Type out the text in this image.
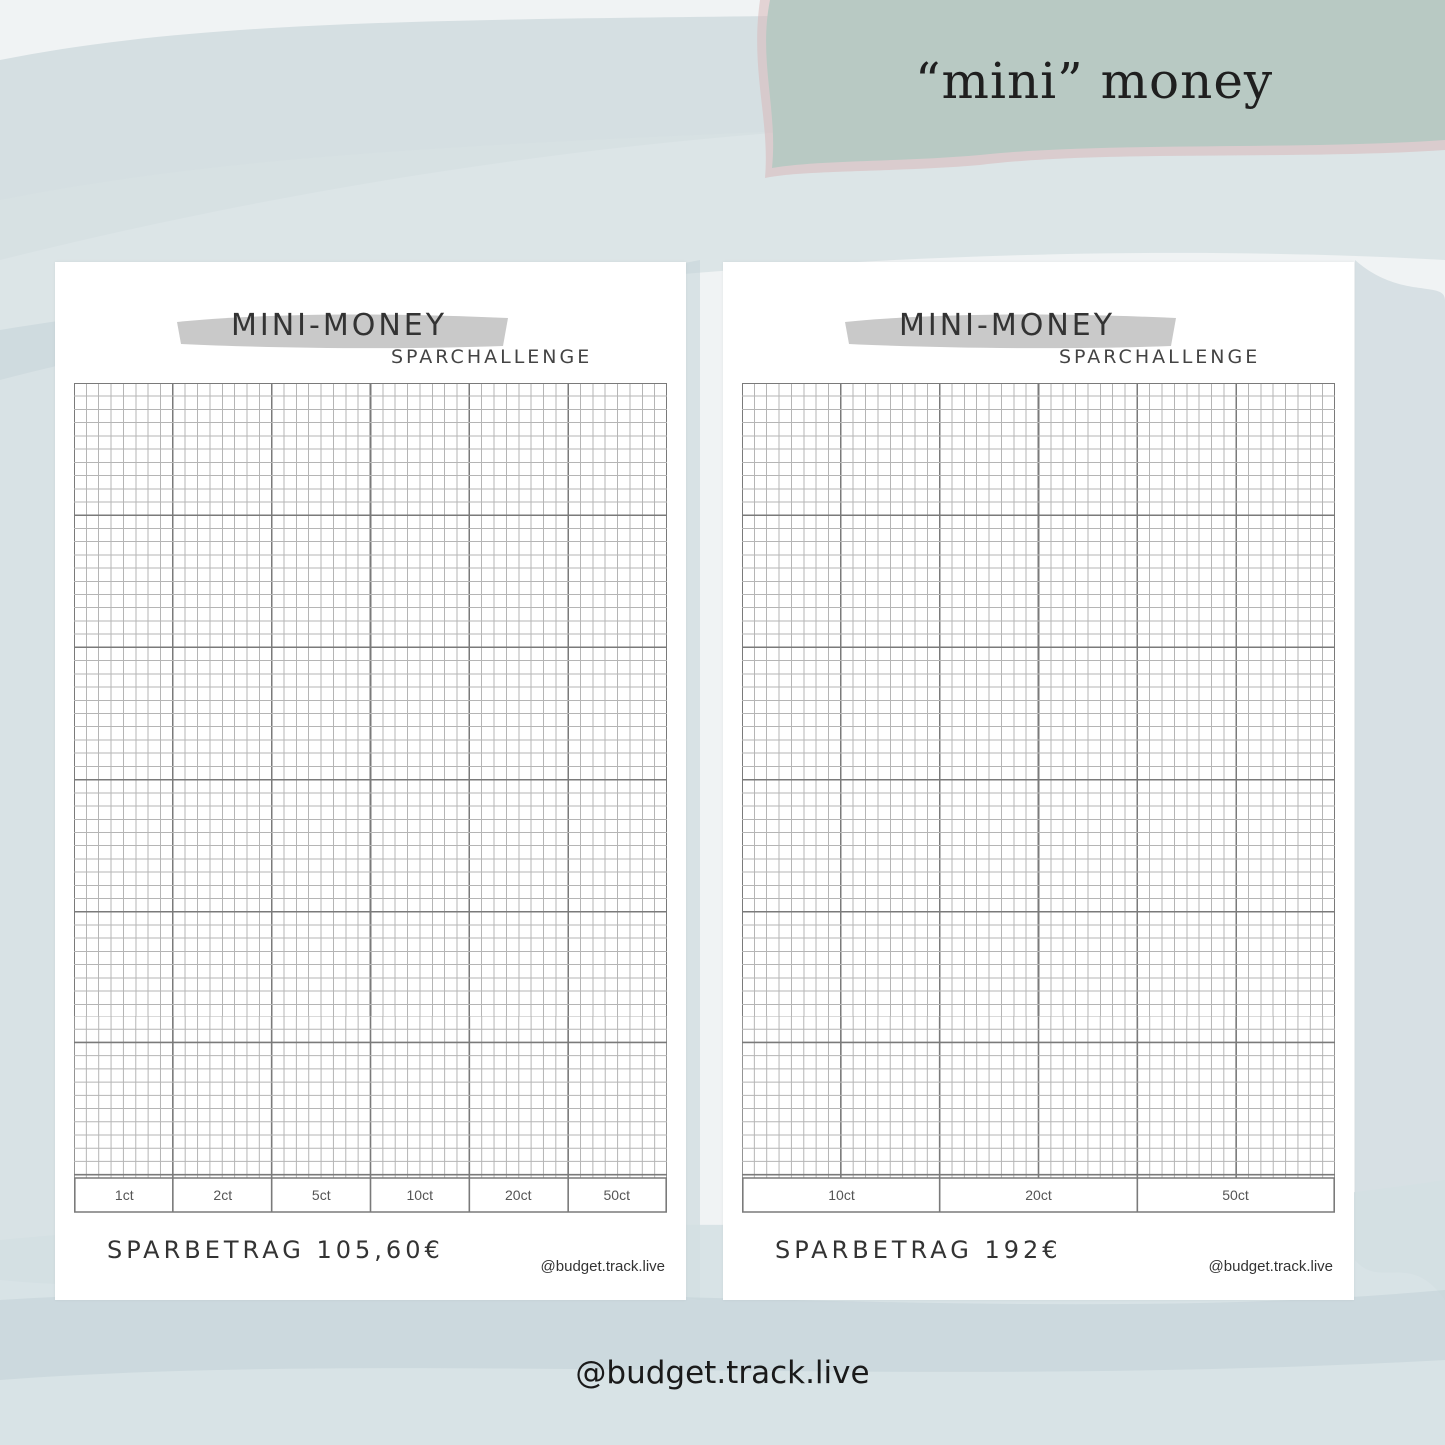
“mini” money
MINI-MONEY
SPARCHALLENGE
1ct	2ct	5ct	10ct	20ct	50ct
SPARBETRAG 105,60€
@budget.track.live
MINI-MONEY
SPARCHALLENGE
10ct	20ct	50ct
SPARBETRAG 192€
@budget.track.live
@budget.track.live
